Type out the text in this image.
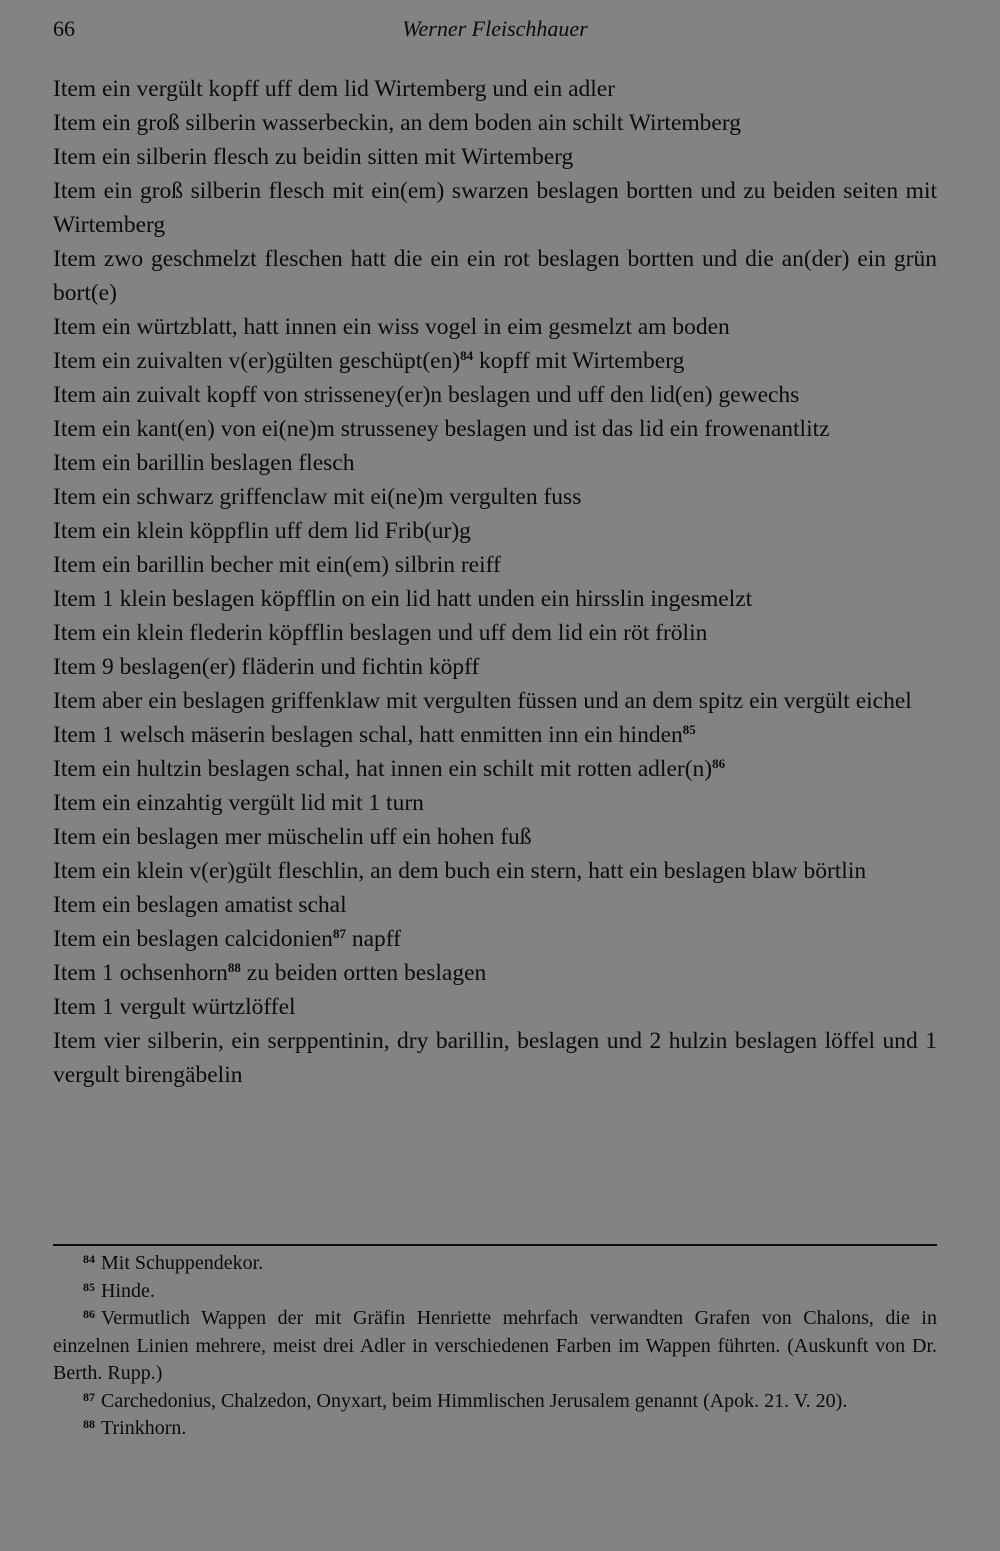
66	Werner Fleischhauer

Item ein vergült kopff uff dem lid Wirtemberg und ein adler

Item ein groß silberin wasserbeckin, an dem boden ain schilt Wirtemberg

Item ein silberin flesch zu beidin sitten mit Wirtemberg

Item ein groß silberin flesch mit ein(em) swarzen beslagen bortten und zu beiden seiten mit Wirtemberg

Item zwo geschmelzt fleschen hatt die ein ein rot beslagen bortten und die an(der) ein grün bort(e)

Item ein würtzblatt, hatt innen ein wiss vogel in eim gesmelzt am boden

Item ein zuivalten v(er)gülten geschüpt(en)$^{84}$ kopff mit Wirtemberg

Item ain zuivalt kopff von strisseney(er)n beslagen und uff den lid(en) gewechs

Item ein kant(en) von ei(ne)m strusseney beslagen und ist das lid ein frowenantlitz

Item ein barillin beslagen flesch

Item ein schwarz griffenclaw mit ei(ne)m vergulten fuss

Item ein klein köppflin uff dem lid Frib(ur)g

Item ein barillin becher mit ein(em) silbrin reiff

Item 1 klein beslagen köpfflin on ein lid hatt unden ein hirsslin ingesmelzt

Item ein klein flederin köpfflin beslagen und uff dem lid ein röt frölin

Item 9 beslagen(er) fläderin und fichtin köpff

Item aber ein beslagen griffenklaw mit vergulten füssen und an dem spitz ein vergült eichel

Item 1 welsch mäserin beslagen schal, hatt enmitten inn ein hinden$^{85}$

Item ein hultzin beslagen schal, hat innen ein schilt mit rotten $adler(n)^{86}$

Item ein einzahtig vergült lid mit 1 turn

Item ein beslagen mer müschelin uff ein hohen fuß

Item ein klein v(er)gült fleschlin, an dem buch ein stern, hatt ein beslagen blaw börtlin

Item ein beslagen amatist schal

Item ein beslagen calcidonien$^{87}$ napff

Item 1 ochsenhorn$^{88}$ zu beiden ortten beslagen

Item 1 vergult würtzlöffel

Item vier silberin, ein serppentinin, dry barillin, beslagen und 2 hulzin beslagen löffel und 1 vergult birengäbelin

$^{84}$ Mit Schuppendekor.

$^{85}$ Hinde.

$^{86}$ Vermutlich Wappen der mit Gräfin Henriette mehrfach verwandten Grafen von Chalons, die in einzelnen Linien mehrere, meist drei Adler in verschiedenen Farben im Wappen führten. (Auskunft von Dr. Berth. Rupp.)

$^{87}$ Carchedonius, Chalzedon, Onyxart, beim Himmlischen Jerusalem genannt (Apok. 21. V. 20).

$^{88}$ Trinkhorn.
